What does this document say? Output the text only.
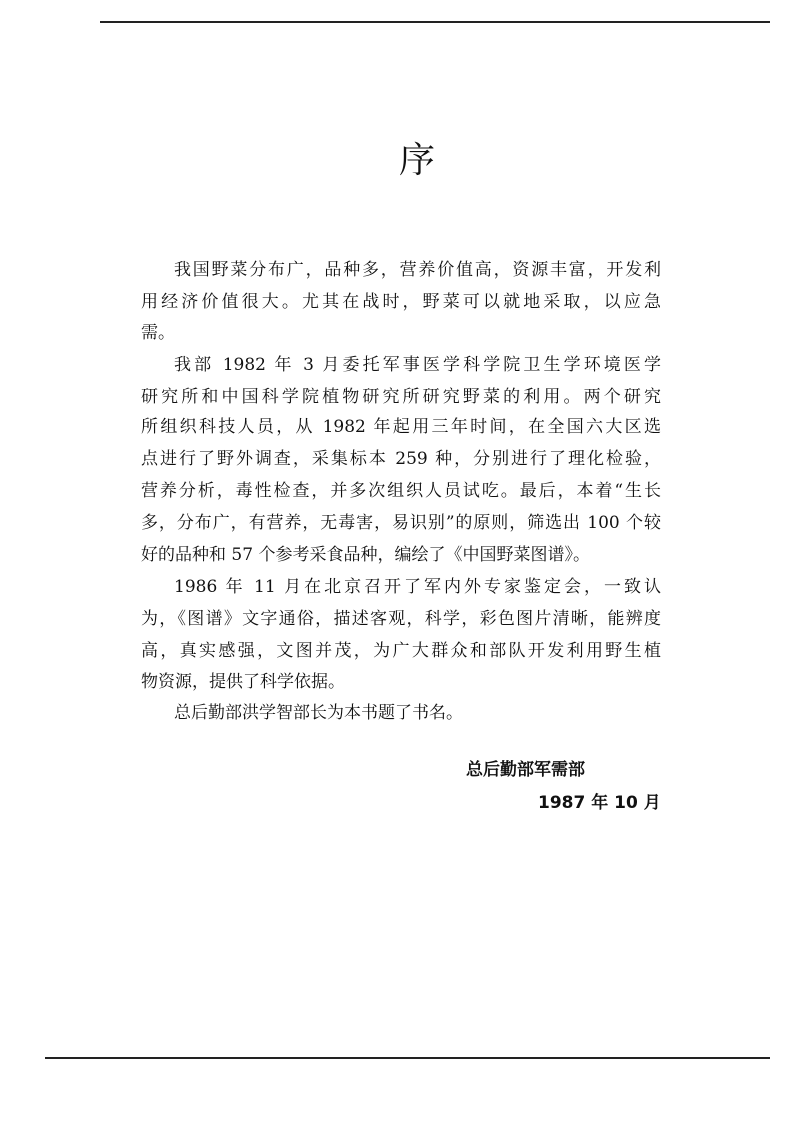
序
我国野菜分布广，品种多，营养价值高，资源丰富，开发利
用经济价值很大。尤其在战时，野菜可以就地采取，以应急
需。
我部 1982 年 3 月委托军事医学科学院卫生学环境医学
研究所和中国科学院植物研究所研究野菜的利用。两个研究
所组织科技人员，从 1982 年起用三年时间，在全国六大区选
点进行了野外调查，采集标本 259 种，分别进行了理化检验，
营养分析，毒性检查，并多次组织人员试吃。最后，本着“生长
多，分布广，有营养，无毒害，易识别”的原则，筛选出 100 个较
好的品种和 57 个参考采食品种，编绘了《中国野菜图谱》。
1986 年 11 月在北京召开了军内外专家鉴定会，一致认
为，《图谱》文字通俗，描述客观，科学，彩色图片清晰，能辨度
高，真实感强，文图并茂，为广大群众和部队开发利用野生植
物资源，提供了科学依据。
总后勤部洪学智部长为本书题了书名。
总后勤部军需部
1987 年 10 月
